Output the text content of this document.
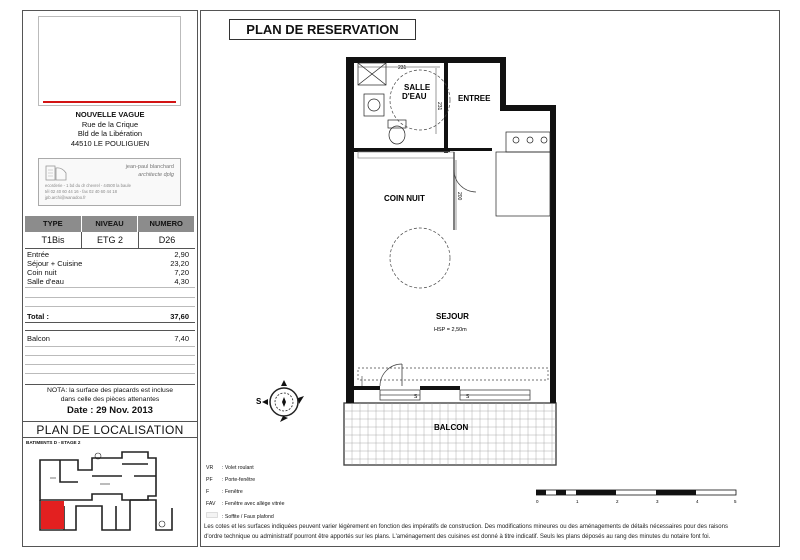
NOUVELLE VAGUE
Rue de la Crique
Bld de la Libération
44510 LE POULIGUEN
jean-paul blanchard
architecte dplg
ecorderie - 1 bd du dr chevrel - 44500 la baule
tél 02 40 60 44 16 - fax 02 40 60 44 18
jpb.archi@wanadoo.fr
TYPE	NIVEAU	NUMERO
T1Bis	ETG 2	D26
Entrée	2,90
Séjour + Cuisine	23,20
Coin nuit	7,20
Salle d'eau	4,30
Total :	37,60
Balcon	7,40
NOTA: la surface des placards est incluse
dans celle des pièces attenantes
Date : 29 Nov. 2013
PLAN DE LOCALISATION
BATIMENTS D - ETAGE 2
PLAN DE RESERVATION
231
231
200
SALLE
D'EAU	ENTREE
COIN NUIT
SEJOUR
HSP = 2,50m
BALCON
S	S
S
VR : Volet roulant
PF : Porte-fenêtre
F : Fenêtre
FAV : Fenêtre avec allège vitrée
: Soffite / Faux plafond
0	1	2	3	4	5
Les cotes et les surfaces indiquées peuvent varier légèrement en fonction des impératifs de construction. Des modifications mineures ou des aménagements de détails nécessaires pour des raisons
d'ordre technique ou administratif pourront être apportés sur les plans. L'aménagement des cuisines est donné à titre indicatif. Seuls les plans déposés au rang des minutes du notaire font foi.
